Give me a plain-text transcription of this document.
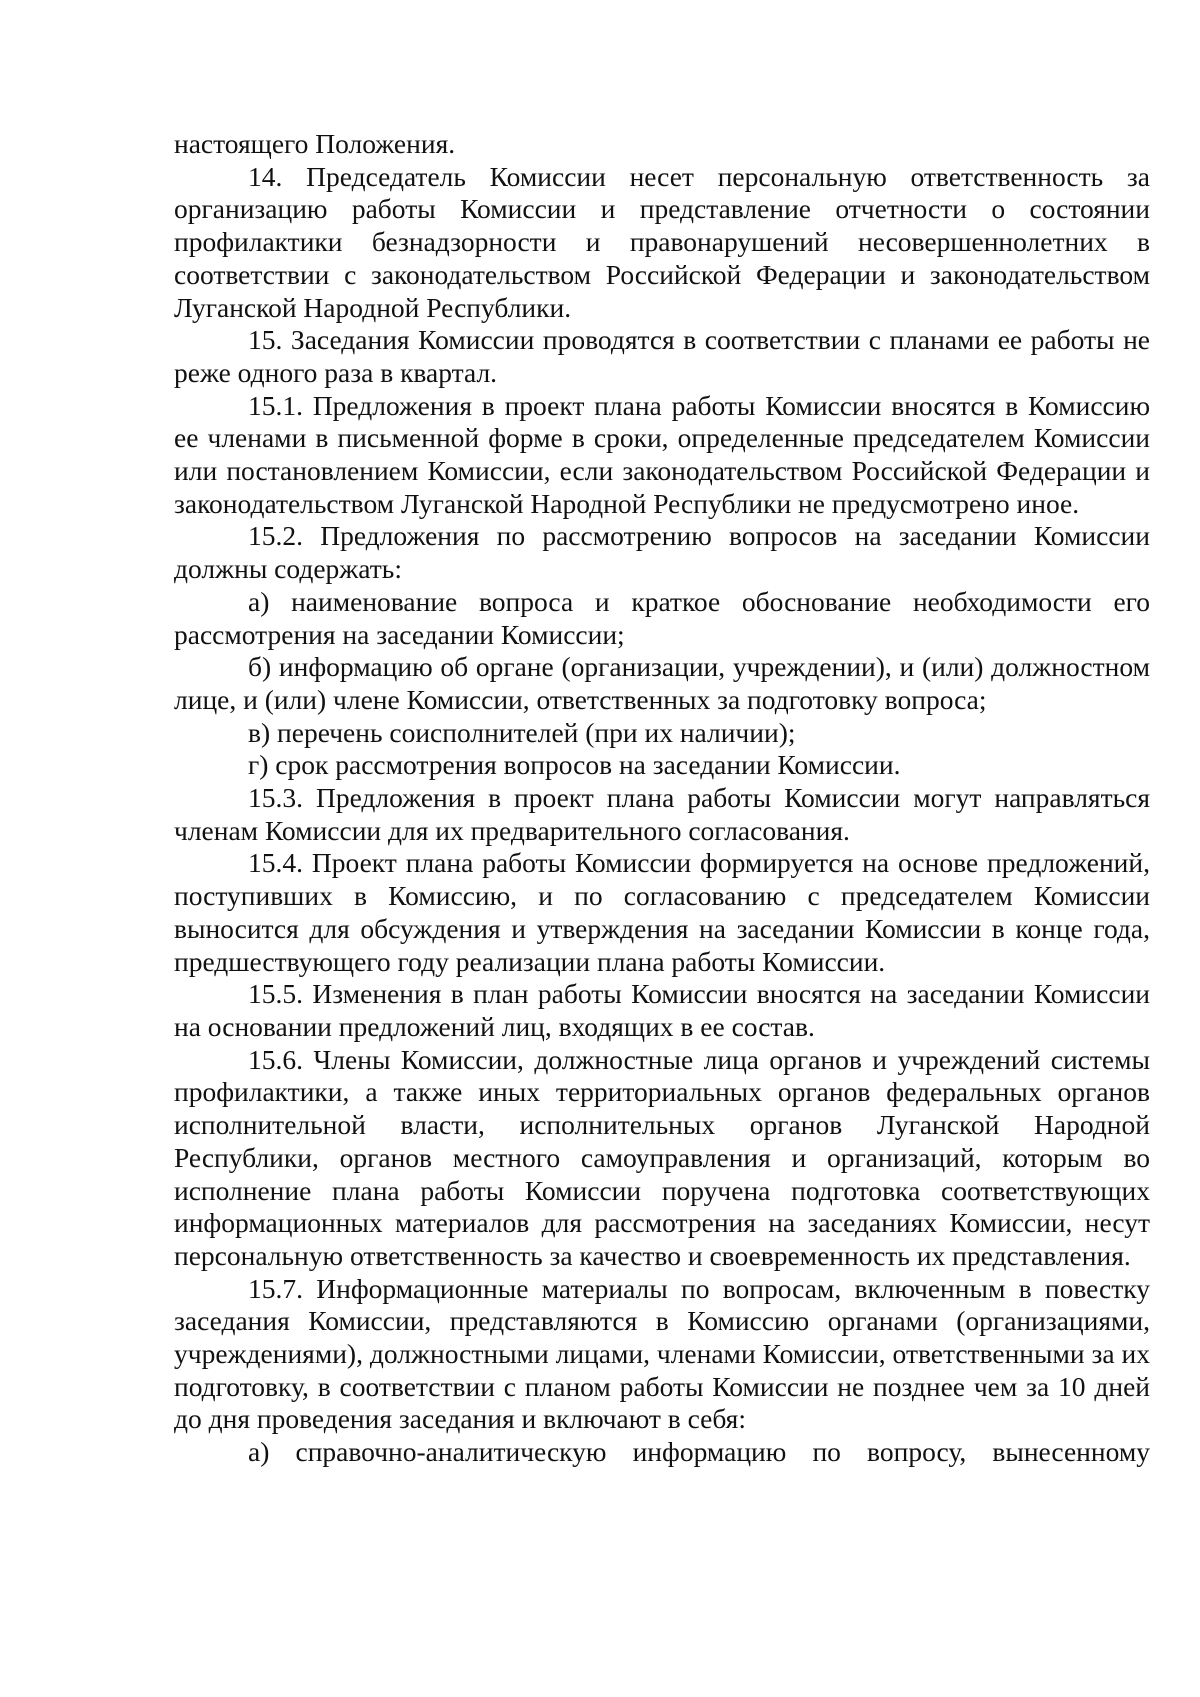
настоящего Положения.

14. Председатель Комиссии несет персональную ответственность за организацию работы Комиссии и представление отчетности о состоянии профилактики безнадзорности и правонарушений несовершеннолетних в соответствии с законодательством Российской Федерации и законодательством Луганской Народной Республики.

15. Заседания Комиссии проводятся в соответствии с планами ее работы не реже одного раза в квартал.

15.1. Предложения в проект плана работы Комиссии вносятся в Комиссию ее членами в письменной форме в сроки, определенные председателем Комиссии или постановлением Комиссии, если законодательством Российской Федерации и законодательством Луганской Народной Республики не предусмотрено иное.

15.2. Предложения по рассмотрению вопросов на заседании Комиссии должны содержать:

а) наименование вопроса и краткое обоснование необходимости его рассмотрения на заседании Комиссии;

б) информацию об органе (организации, учреждении), и (или) должностном лице, и (или) члене Комиссии, ответственных за подготовку вопроса;

в) перечень соисполнителей (при их наличии);

г) срок рассмотрения вопросов на заседании Комиссии.

15.3. Предложения в проект плана работы Комиссии могут направляться членам Комиссии для их предварительного согласования.

15.4. Проект плана работы Комиссии формируется на основе предложений, поступивших в Комиссию, и по согласованию с председателем Комиссии выносится для обсуждения и утверждения на заседании Комиссии в конце года, предшествующего году реализации плана работы Комиссии.

15.5. Изменения в план работы Комиссии вносятся на заседании Комиссии на основании предложений лиц, входящих в ее состав.

15.6. Члены Комиссии, должностные лица органов и учреждений системы профилактики, а также иных территориальных органов федеральных органов исполнительной власти, исполнительных органов Луганской Народной Республики, органов местного самоуправления и организаций, которым во исполнение плана работы Комиссии поручена подготовка соответствующих информационных материалов для рассмотрения на заседаниях Комиссии, несут персональную ответственность за качество и своевременность их представления.

15.7. Информационные материалы по вопросам, включенным в повестку заседания Комиссии, представляются в Комиссию органами (организациями, учреждениями), должностными лицами, членами Комиссии, ответственными за их подготовку, в соответствии с планом работы Комиссии не позднее чем за 10 дней до дня проведения заседания и включают в себя:

а) справочно-аналитическую информацию по вопросу, вынесенному
